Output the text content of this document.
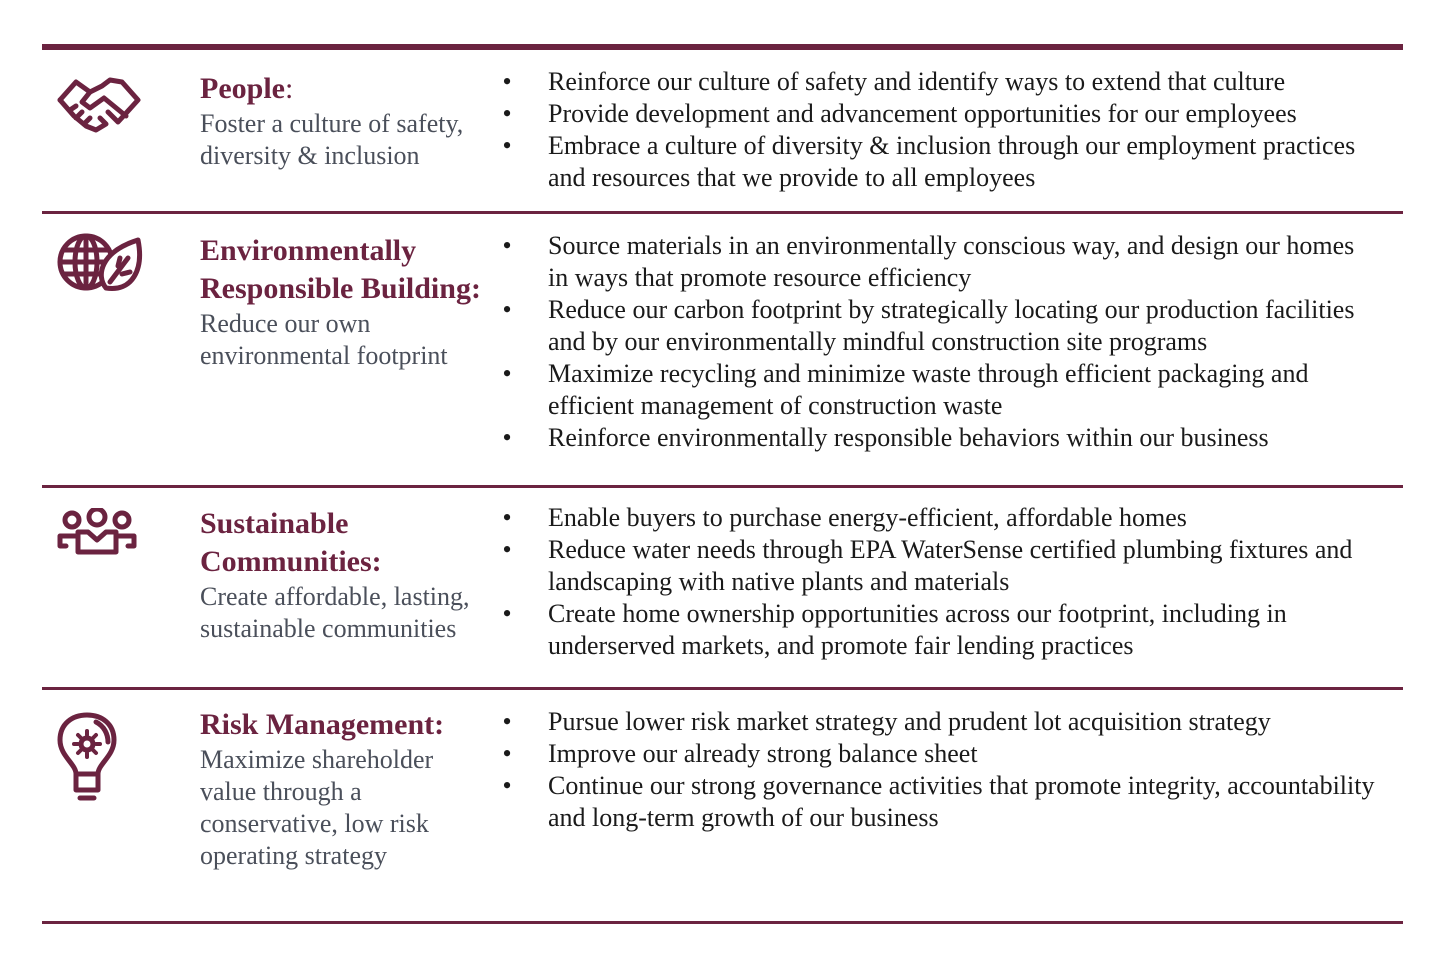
People:

Foster a culture of safety, diversity & inclusion

• Reinforce our culture of safety and identify ways to extend that culture
• Provide development and advancement opportunities for our employees
• Embrace a culture of diversity & inclusion through our employment practices and resources that we provide to all employees

Environmentally Responsible Building:

Reduce our own environmental footprint

• Source materials in an environmentally conscious way, and design our homes in ways that promote resource efficiency
• Reduce our carbon footprint by strategically locating our production facilities and by our environmentally mindful construction site programs
• Maximize recycling and minimize waste through efficient packaging and efficient management of construction waste
• Reinforce environmentally responsible behaviors within our business

Sustainable Communities:

Create affordable, lasting, sustainable communities

• Enable buyers to purchase energy-efficient, affordable homes
• Reduce water needs through EPA WaterSense certified plumbing fixtures and landscaping with native plants and materials
• Create home ownership opportunities across our footprint, including in underserved markets, and promote fair lending practices

Risk Management:

Maximize shareholder value through a conservative, low risk operating strategy

• Pursue lower risk market strategy and prudent lot acquisition strategy
• Improve our already strong balance sheet
• Continue our strong governance activities that promote integrity, accountability and long-term growth of our business
